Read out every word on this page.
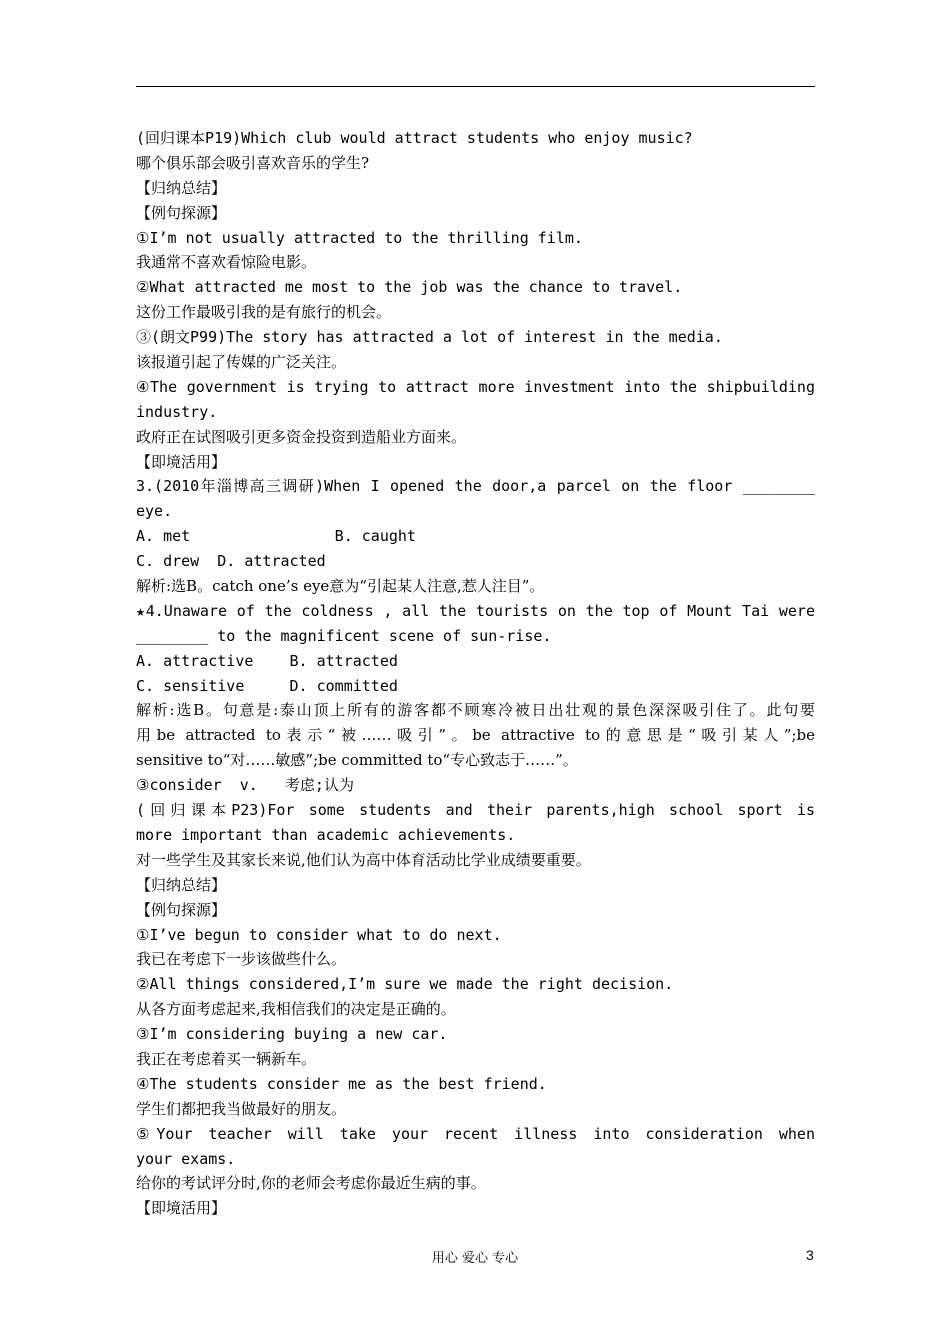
(回归课本P19)Which club would attract students who enjoy music?
哪个俱乐部会吸引喜欢音乐的学生?
【归纳总结】
【例句探源】
①I’m not usually attracted to the thrilling film.
我通常不喜欢看惊险电影。
②What attracted me most to the job was the chance to travel.
这份工作最吸引我的是有旅行的机会。
③(朗文P99)The story has attracted a lot of interest in the media.
该报道引起了传媒的广泛关注。
④The government is trying to attract more investment into the shipbuilding
industry.
政府正在试图吸引更多资金投资到造船业方面来。
【即境活用】
3.(2010年淄博高三调研)When I opened the door,a parcel on the floor ________
eye.
A. met                B. caught
C. drew  D. attracted
解析:选B。catch one’s eye意为“引起某人注意,惹人注目”。
★4.Unaware of the coldness , all the tourists on the top of Mount Tai were
________ to the magnificent scene of sun-rise.
A. attractive    B. attracted
C. sensitive     D. committed
解析:选B。句意是:泰山顶上所有的游客都不顾寒冷被日出壮观的景色深深吸引住了。此句要
用be attracted to表示“被……吸引”。be attractive to的意思是“吸引某人”;be
sensitive to“对……敏感”;be committed to“专心致志于……”。
③consider  v.   考虑;认为
(回归课本P23)For some students and their parents,high school sport is
more important than academic achievements.
对一些学生及其家长来说,他们认为高中体育活动比学业成绩要重要。
【归纳总结】
【例句探源】
①I’ve begun to consider what to do next.
我已在考虑下一步该做些什么。
②All things considered,I’m sure we made the right decision.
从各方面考虑起来,我相信我们的决定是正确的。
③I’m considering buying a new car.
我正在考虑着买一辆新车。
④The students consider me as the best friend.
学生们都把我当做最好的朋友。
⑤Your teacher will take your recent illness into consideration when
your exams.
给你的考试评分时,你的老师会考虑你最近生病的事。
【即境活用】
用心 爱心 专心	3
